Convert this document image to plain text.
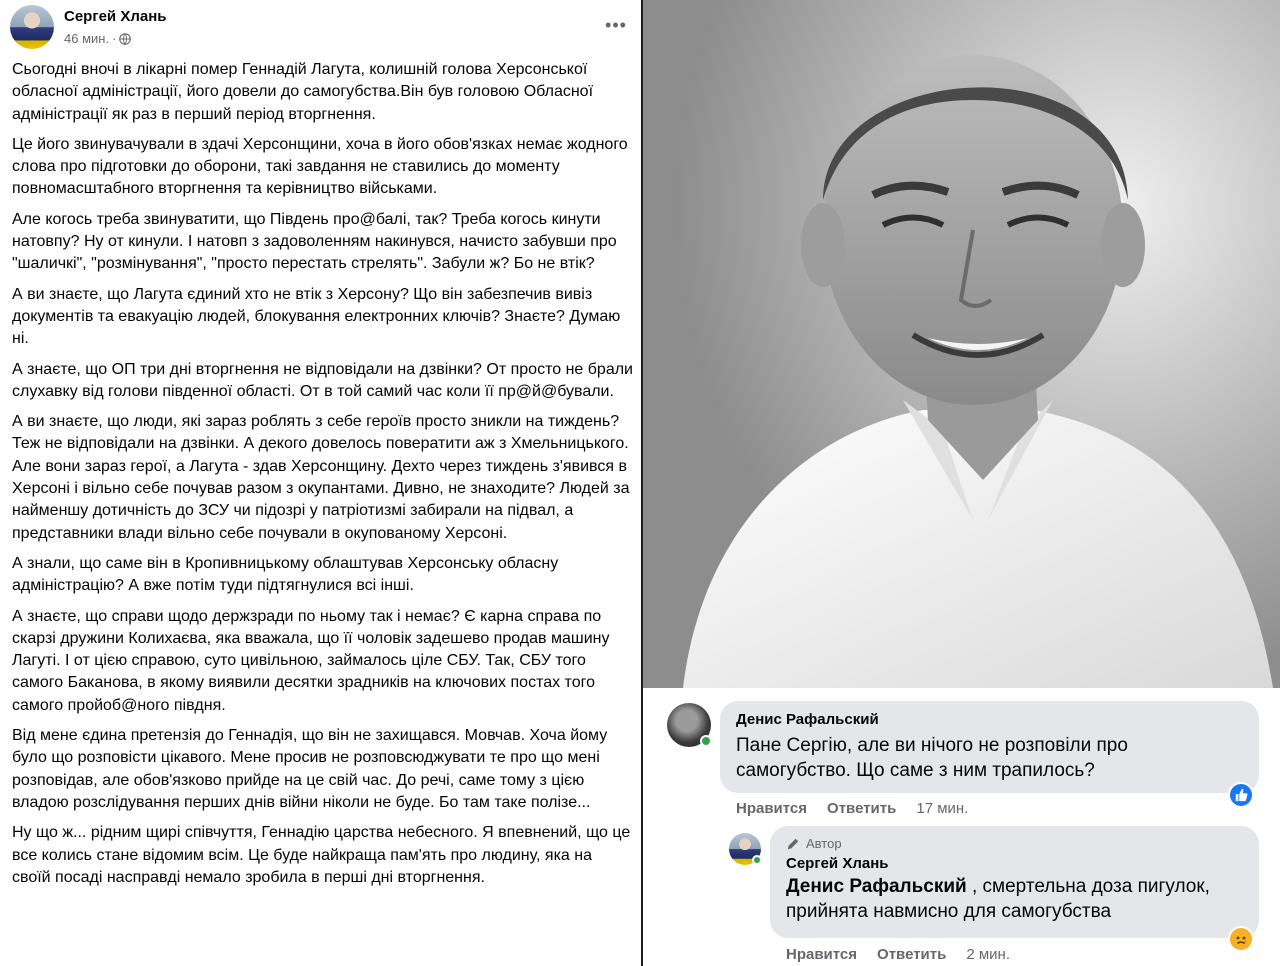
Сергей Хлань
46 мин. ·
•••

Сьогодні вночі в лікарні помер Геннадій Лагута, колишній голова Херсонської обласної адміністрації, його довели до самогубства.Він був головою Обласної адміністрації як раз в перший період вторгнення.

Це його звинувачували в здачі Херсонщини, хоча в його обов'язках немає жодного слова про підготовки до оборони, такі завдання не ставились до моменту повномасштабного вторгнення та керівництво військами.

Але когось треба звинуватити, що Південь про@балі, так? Треба когось кинути натовпу? Ну от кинули. І натовп з задоволенням накинувся, начисто забувши про "шаличкі", "розмінування", "просто перестать стрелять". Забули ж? Бо не втік?

А ви знаєте, що Лагута єдиний хто не втік з Херсону? Що він забезпечив вивіз документів та евакуацію людей, блокування електронних ключів? Знаєте? Думаю ні.

А знаєте, що ОП три дні вторгнення не відповідали на дзвінки? От просто не брали слухавку від голови південної області. От в той самий час коли її пр@й@бували.

А ви знаєте, що люди, які зараз роблять з себе героїв просто зникли на тиждень? Теж не відповідали на дзвінки. А декого довелось повератити аж з Хмельницького. Але вони зараз герої, а Лагута - здав Херсонщину. Дехто через тиждень з'явився в Херсоні і вільно себе почував разом з окупантами. Дивно, не знаходите? Людей за найменшу дотичність до ЗСУ чи підозрі у патріотизмі забирали на підвал, а представники влади вільно себе почували в окупованому Херсоні.

А знали, що саме він в Кропивницькому облаштував Херсонську обласну адміністрацію? А вже потім туди підтягнулися всі інші.

А знаєте, що справи щодо держзради по ньому так і немає? Є карна справа по скарзі дружини Колихаєва, яка вважала, що її чоловік задешево продав машину Лагуті. І от цією справою, суто цивільною, займалось ціле СБУ. Так, СБУ того самого Баканова, в якому виявили десятки зрадників на ключових постах того самого пройоб@ного півдня.

Від мене єдина претензія до Геннадія, що він не захищався. Мовчав. Хоча йому було що розповісти цікавого. Мене просив не розповсюджувати те про що мені розповідав, але обов'язково прийде на це свій час. До речі, саме тому з цією владою розслідування перших днів війни ніколи не буде. Бо там таке полізе...

Ну що ж... рідним щирі співчуття, Геннадію царства небесного. Я впевнений, що це все колись стане відомим всім. Це буде найкраща пам'ять про людину, яка на своїй посаді насправді немало зробила в перші дні вторгнення.

Денис Рафальский
Пане Сергію, але ви нічого не розповіли про самогубство. Що саме з ним трапилось?
Нравится Ответить 17 мин.
Автор
Сергей Хлань
Денис Рафальский , смертельна доза пигулок, прийнята навмисно для самогубства
Нравится Ответить 2 мин.
